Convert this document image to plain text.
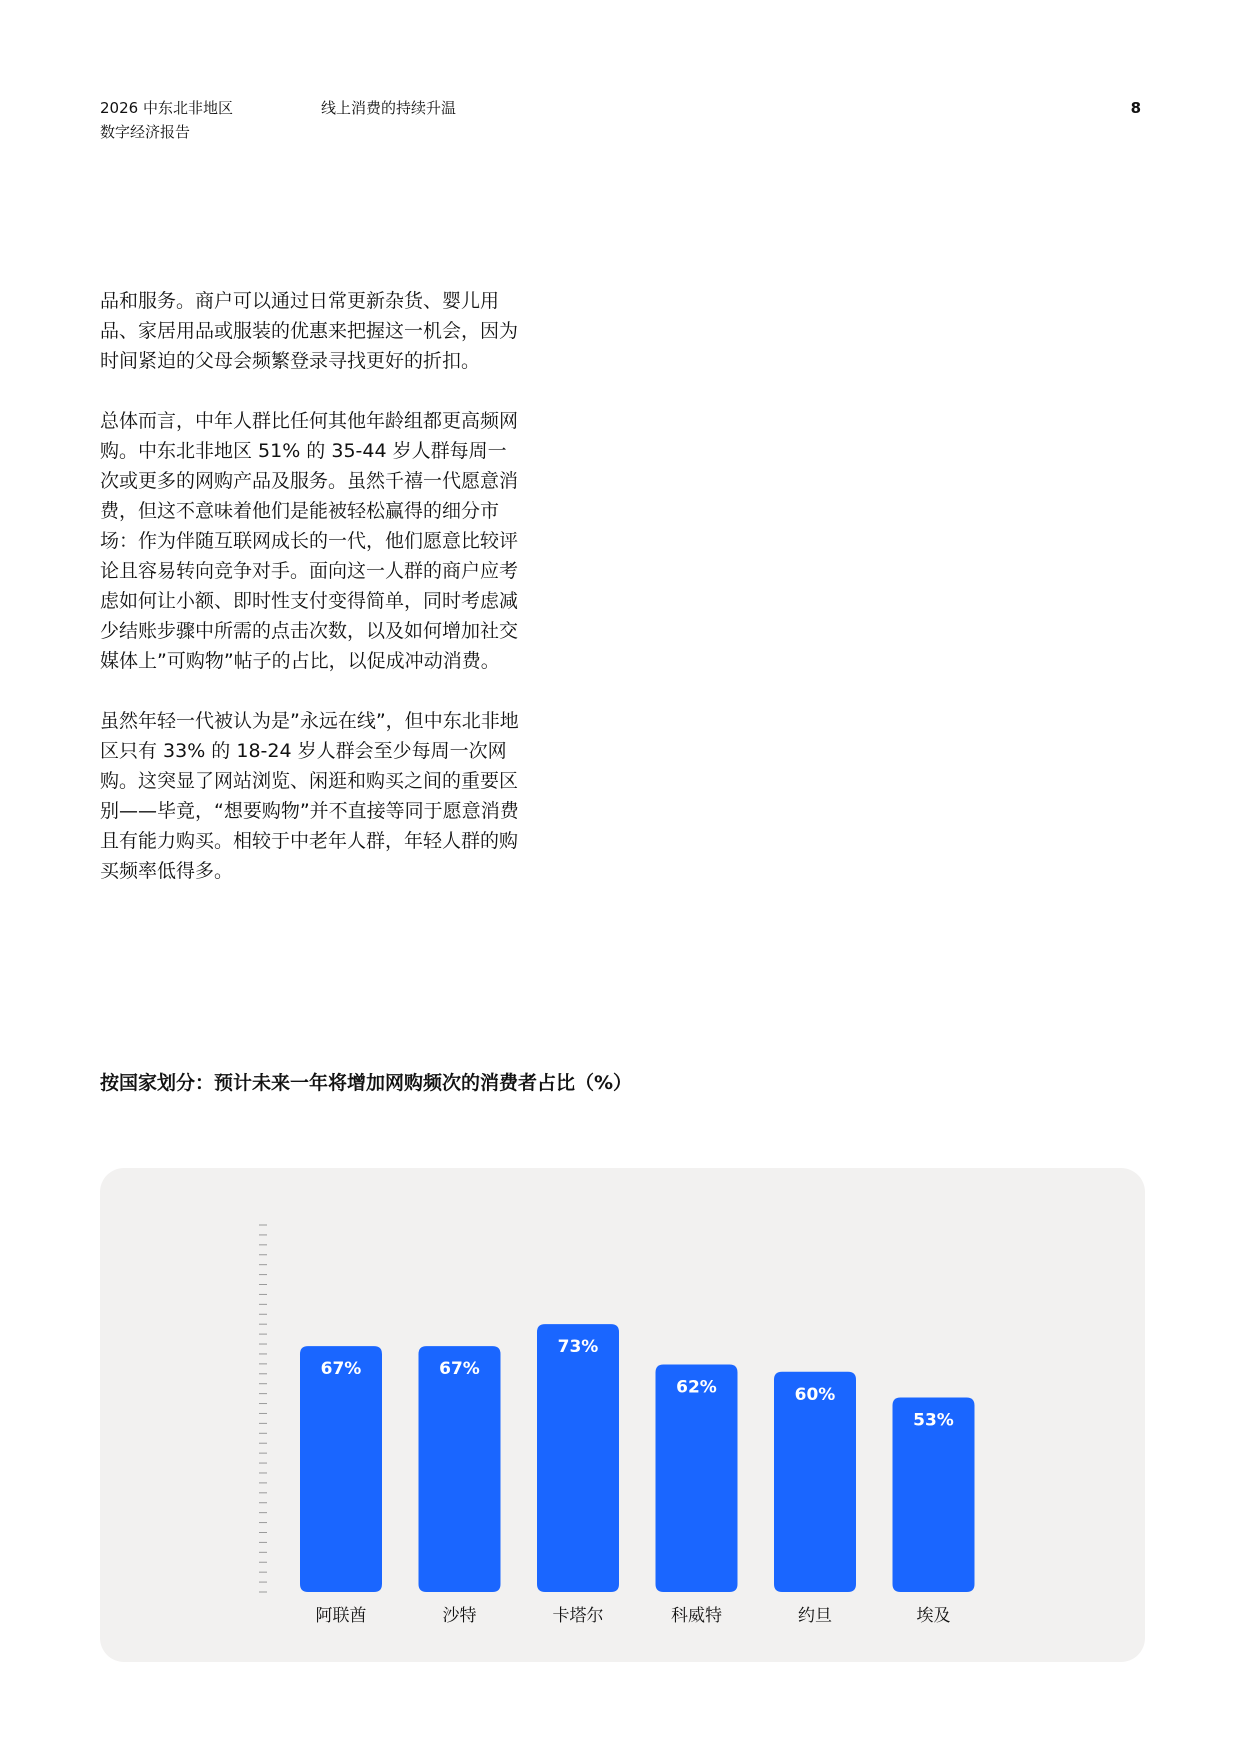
2026 中东北非地区
数字经济报告
线上消费的持续升温	8

品和服务。商户可以通过日常更新杂货、婴儿用品、家居用品或服装的优惠来把握这一机会，因为时间紧迫的父母会频繁登录寻找更好的折扣。

总体而言，中年人群比任何其他年龄组都更高频网购。中东北非地区 51% 的 35-44 岁人群每周一次或更多的网购产品及服务。虽然千禧一代愿意消费，但这不意味着他们是能被轻松赢得的细分市场：作为伴随互联网成长的一代，他们愿意比较评论且容易转向竞争对手。面向这一人群的商户应考虑如何让小额、即时性支付变得简单，同时考虑减少结账步骤中所需的点击次数，以及如何增加社交媒体上”可购物”帖子的占比，以促成冲动消费。

虽然年轻一代被认为是”永远在线”，但中东北非地区只有 33% 的 18-24 岁人群会至少每周一次网购。这突显了网站浏览、闲逛和购买之间的重要区别——毕竟，“想要购物”并不直接等同于愿意消费且有能力购买。相较于中老年人群，年轻人群的购买频率低得多。

按国家划分：预计未来一年将增加网购频次的消费者占比（%）
67%
阿联酋
67%
沙特
73%
卡塔尔
62%
科威特
60%
约旦
53%
埃及
